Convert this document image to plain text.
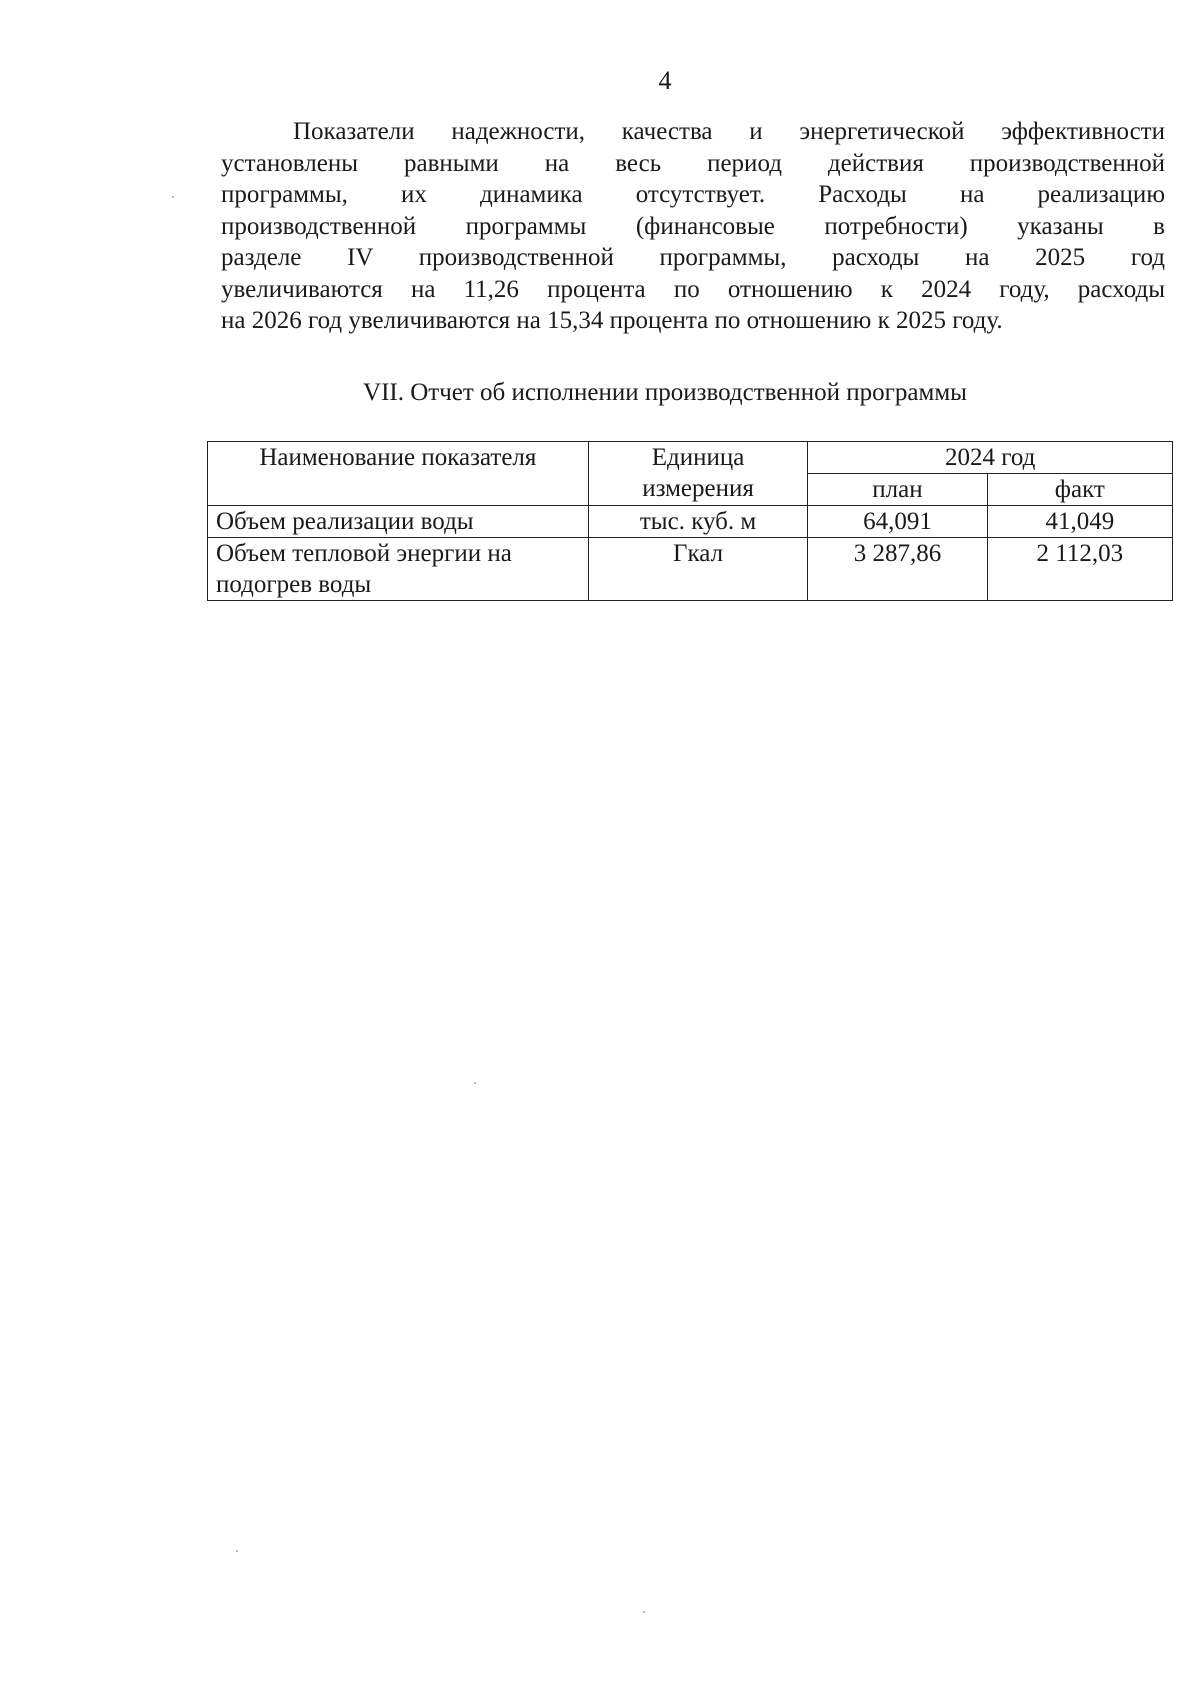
4

Показатели надежности, качества и энергетической эффективности
установлены равными на весь период действия производственной
программы, их динамика отсутствует. Расходы на реализацию
производственной программы (финансовые потребности) указаны в
разделе IV производственной программы, расходы на 2025 год
увеличиваются на 11,26 процента по отношению к 2024 году, расходы
на 2026 год увеличиваются на 15,34 процента по отношению к 2025 году.

VII. Отчет об исполнении производственной программы
Наименование показателя	Единица измерения	2024 год	
		план	факт
Объем реализации воды	тыс. куб. м	64,091	41,049
Объем тепловой энергии на подогрев воды	Гкал	3 287,86	2 112,03
